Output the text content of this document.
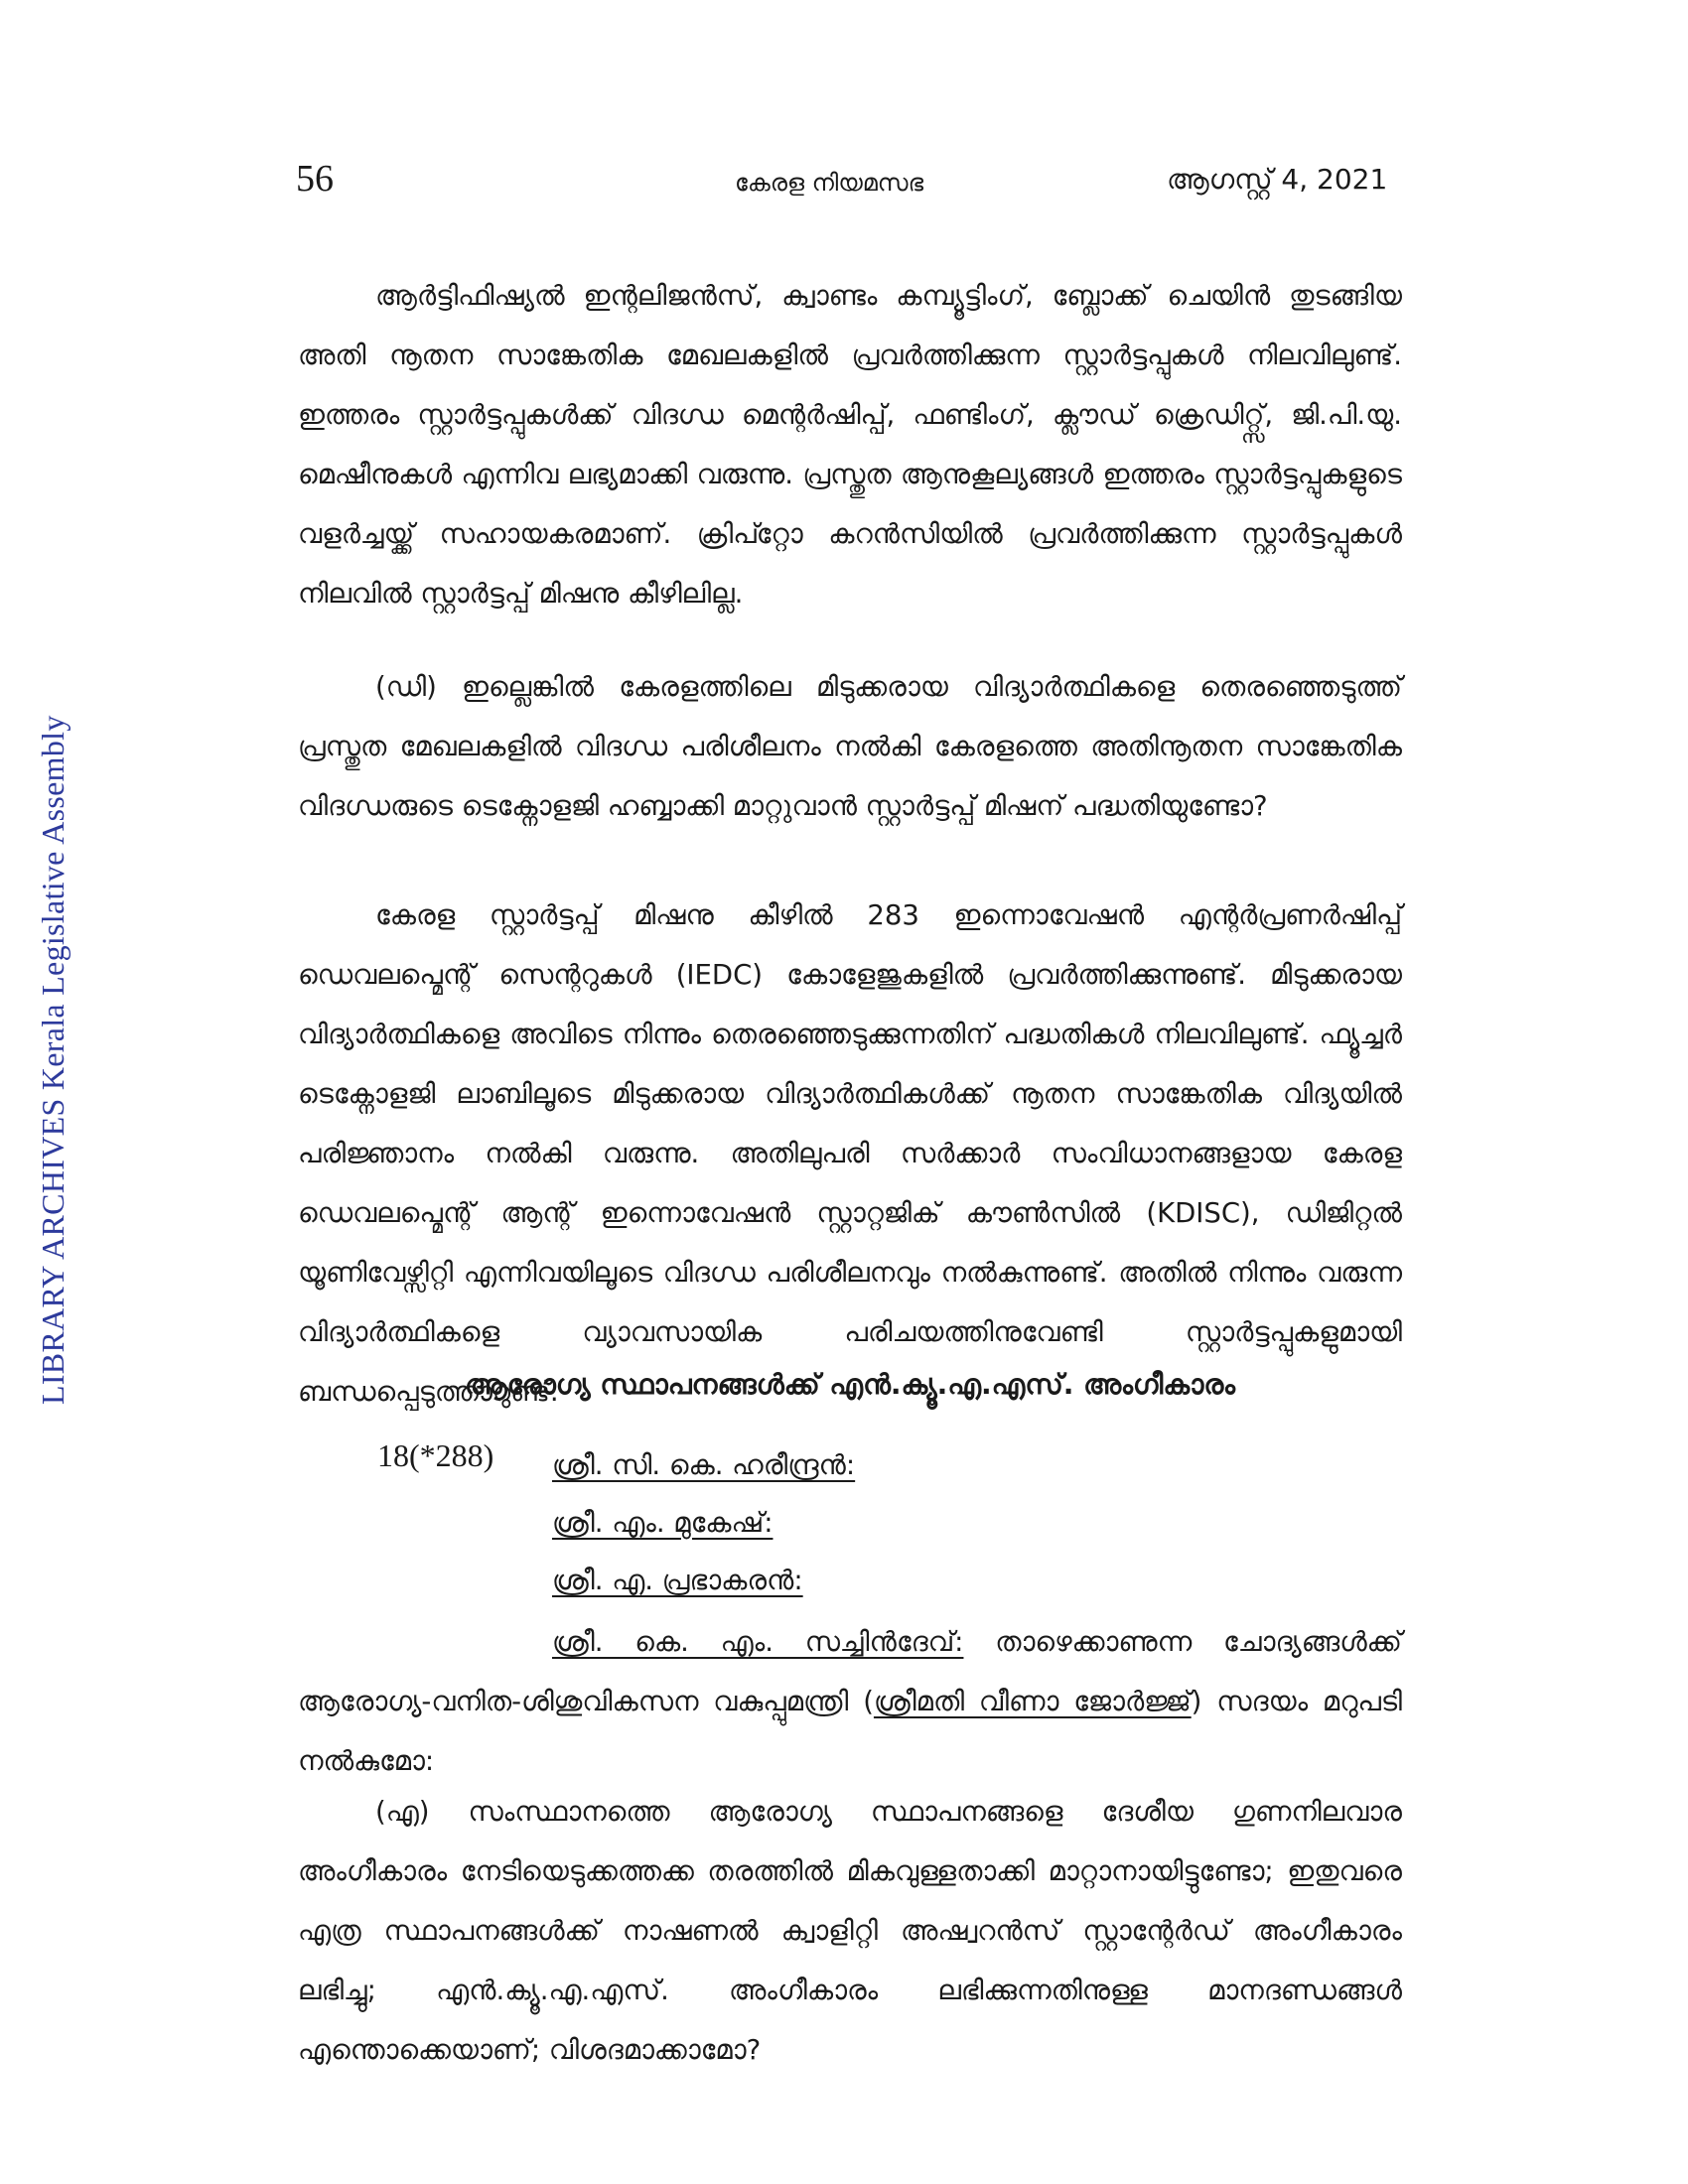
LIBRARY ARCHIVES Kerala Legislative Assembly
56	കേരള നിയമസഭ	ആഗസ്റ്റ് 4, 2021

ആർട്ടിഫിഷ്യൽ ഇന്റലിജൻസ്, ക്വാണ്ടം കമ്പ്യൂട്ടിംഗ്, ബ്ലോക്ക് ചെയിൻ തുടങ്ങിയ അതി നൂതന സാങ്കേതിക മേഖലകളിൽ പ്രവർത്തിക്കുന്ന സ്റ്റാർട്ടപ്പുകൾ നിലവിലുണ്ട്. ഇത്തരം സ്റ്റാർട്ടപ്പുകൾക്ക് വിദഗ്ധ മെന്റർഷിപ്പ്, ഫണ്ടിംഗ്, ക്ലൗഡ് ക്രെഡിറ്റ്സ്, ജി.പി.യു. മെഷീനുകൾ എന്നിവ ലഭ്യമാക്കി വരുന്നു. പ്രസ്തുത ആനുകൂല്യങ്ങൾ ഇത്തരം സ്റ്റാർട്ടപ്പുകളുടെ വളർച്ചയ്ക്ക് സഹായകരമാണ്. ക്രിപ്റ്റോ കറൻസിയിൽ പ്രവർത്തിക്കുന്ന സ്റ്റാർട്ടപ്പുകൾ നിലവിൽ സ്റ്റാർട്ടപ്പ് മിഷനു കീഴിലില്ല.

(ഡി) ഇല്ലെങ്കിൽ കേരളത്തിലെ മിടുക്കരായ വിദ്യാർത്ഥികളെ തെരഞ്ഞെടുത്ത് പ്രസ്തുത മേഖലകളിൽ വിദഗ്ധ പരിശീലനം നൽകി കേരളത്തെ അതിനൂതന സാങ്കേതിക വിദഗ്ധരുടെ ടെക്നോളജി ഹബ്ബാക്കി മാറ്റുവാൻ സ്റ്റാർട്ടപ്പ് മിഷന് പദ്ധതിയുണ്ടോ?

കേരള സ്റ്റാർട്ടപ്പ് മിഷനു കീഴിൽ 283 ഇന്നൊവേഷൻ എന്റർപ്രണർഷിപ്പ് ഡെവലപ്മെന്റ് സെന്ററുകൾ (IEDC) കോളേജുകളിൽ പ്രവർത്തിക്കുന്നുണ്ട്. മിടുക്കരായ വിദ്യാർത്ഥികളെ അവിടെ നിന്നും തെരഞ്ഞെടുക്കുന്നതിന് പദ്ധതികൾ നിലവിലുണ്ട്. ഫ്യൂച്ചർ ടെക്നോളജി ലാബിലൂടെ മിടുക്കരായ വിദ്യാർത്ഥികൾക്ക് നൂതന സാങ്കേതിക വിദ്യയിൽ പരിജ്ഞാനം നൽകി വരുന്നു. അതിലുപരി സർക്കാർ സംവിധാനങ്ങളായ കേരള ഡെവലപ്മെന്റ് ആന്റ് ഇന്നൊവേഷൻ സ്റ്റാറ്റജിക് കൗൺസിൽ (KDISC), ഡിജിറ്റൽ യൂണിവേഴ്സിറ്റി എന്നിവയിലൂടെ വിദഗ്ധ പരിശീലനവും നൽകുന്നുണ്ട്. അതിൽ നിന്നും വരുന്ന വിദ്യാർത്ഥികളെ വ്യാവസായിക പരിചയത്തിനുവേണ്ടി സ്റ്റാർട്ടപ്പുകളുമായി ബന്ധപ്പെടുത്താറുണ്ട്.

ആരോഗ്യ സ്ഥാപനങ്ങൾക്ക് എൻ.ക്യൂ.എ.എസ്. അംഗീകാരം
18(*288) ശ്രീ. സി. കെ. ഹരീന്ദ്രൻ:
ശ്രീ. എം. മുകേഷ്:
ശ്രീ. എ. പ്രഭാകരൻ:

ശ്രീ. കെ. എം. സച്ചിൻദേവ്: താഴെക്കാണുന്ന ചോദ്യങ്ങൾക്ക് ആരോഗ്യ-വനിത-ശിശുവികസന വകുപ്പുമന്ത്രി (ശ്രീമതി വീണാ ജോർജ്ജ്) സദയം മറുപടി നൽകുമോ:

(എ) സംസ്ഥാനത്തെ ആരോഗ്യ സ്ഥാപനങ്ങളെ ദേശീയ ഗുണനിലവാര അംഗീകാരം നേടിയെടുക്കത്തക്ക തരത്തിൽ മികവുള്ളതാക്കി മാറ്റാനായിട്ടുണ്ടോ; ഇതുവരെ എത്ര സ്ഥാപനങ്ങൾക്ക് നാഷണൽ ക്വാളിറ്റി അഷ്വറൻസ് സ്റ്റാന്റേർഡ് അംഗീകാരം ലഭിച്ചു; എൻ.ക്യൂ.എ.എസ്. അംഗീകാരം ലഭിക്കുന്നതിനുള്ള മാനദണ്ഡങ്ങൾ എന്തൊക്കെയാണ്; വിശദമാക്കാമോ?
